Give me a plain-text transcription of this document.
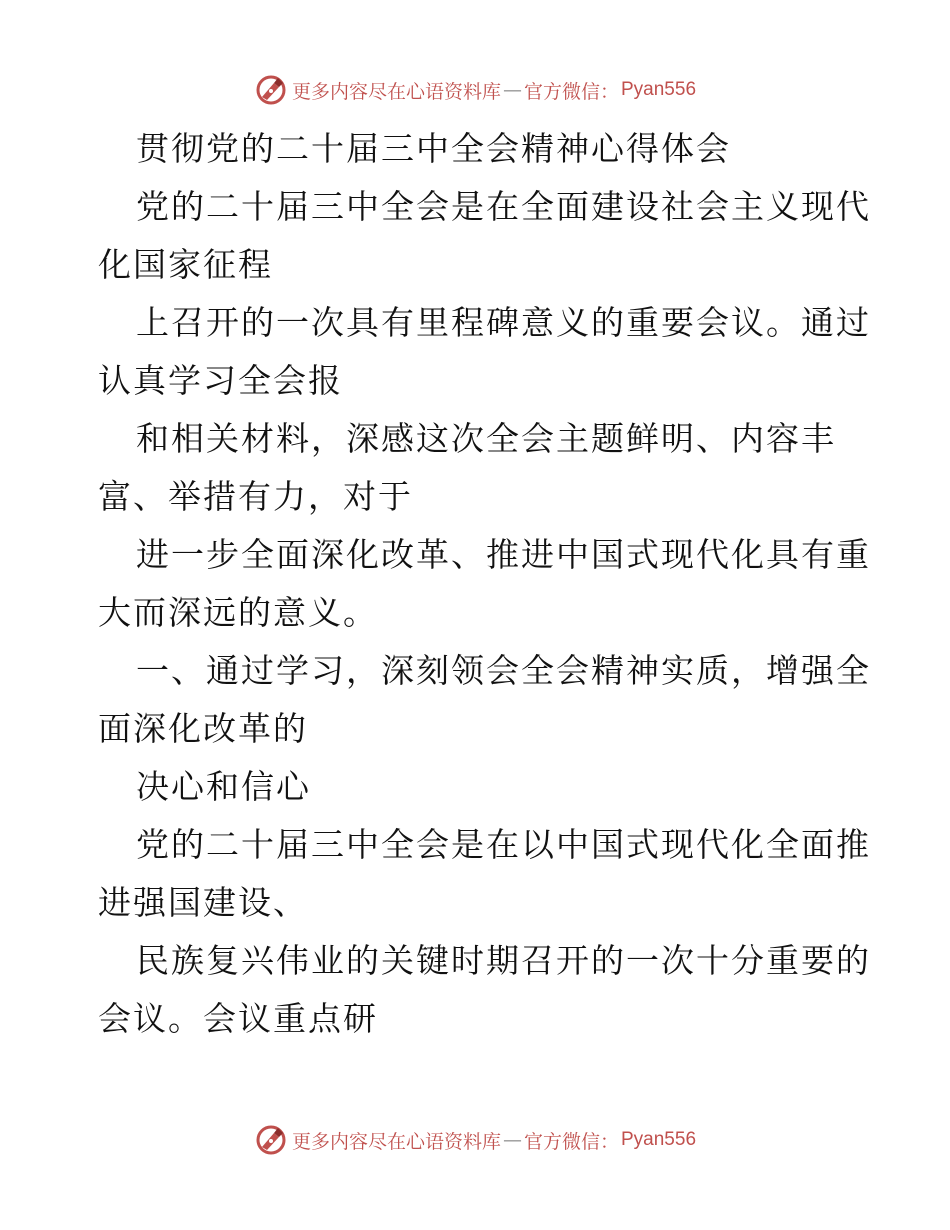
更多内容尽在心语资料库 — 官方微信： Pyan556
贯彻党的二十届三中全会精神心得体会
党的二十届三中全会是在全面建设社会主义现代
化国家征程
上召开的一次具有里程碑意义的重要会议。通过
认真学习全会报
和相关材料，深感这次全会主题鲜明、内容丰
富、举措有力，对于
进一步全面深化改革、推进中国式现代化具有重
大而深远的意义。
一、通过学习，深刻领会全会精神实质，增强全
面深化改革的
决心和信心
党的二十届三中全会是在以中国式现代化全面推
进强国建设、
民族复兴伟业的关键时期召开的一次十分重要的
会议。会议重点研
更多内容尽在心语资料库 — 官方微信： Pyan556
